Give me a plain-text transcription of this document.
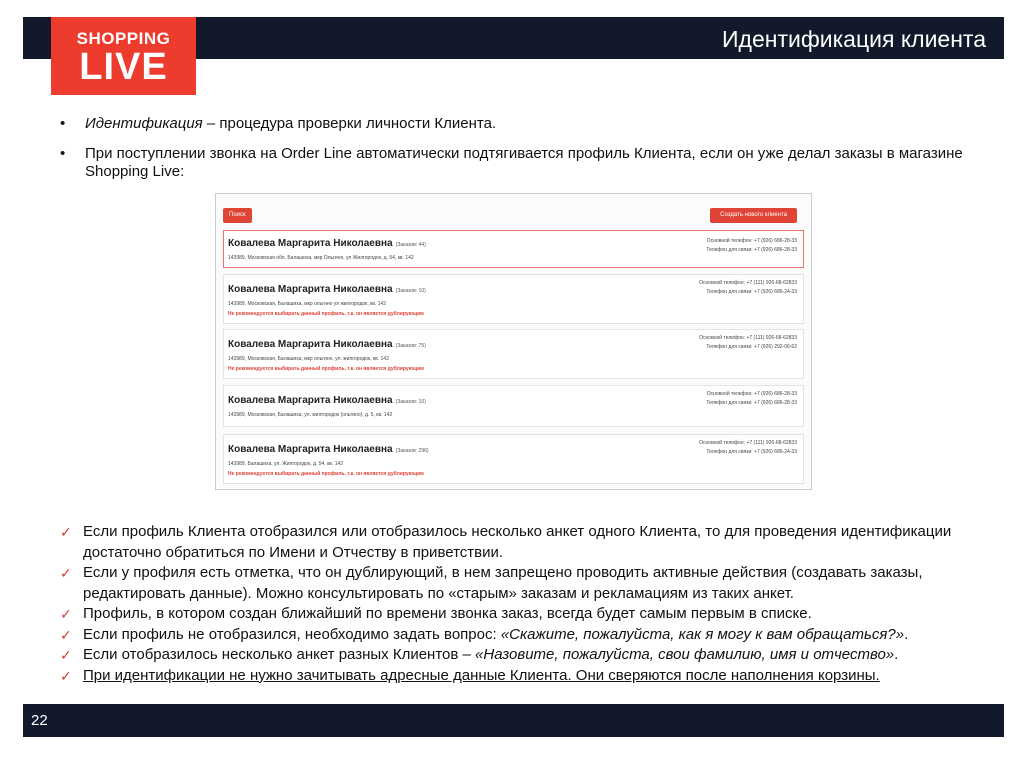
Идентификация клиента
SHOPPING
LIVE
• Идентификация – процедура проверки личности Клиента.
• При поступлении звонка на Order Line автоматически подтягивается профиль Клиента, если он уже делал заказы в магазине Shopping Live:
Поиск	Создать нового клиента
Ковалева Маргарита Николаевна (Заказов: 44)
143989, Московская обл, Балашиха, мкр Ольгино, ул Жилгородок, д. 54, кв. 142
Основной телефон: +7 (926) 686-28-33
Телефон для связи: +7 (926) 686-28-33
Ковалева Маргарита Николаевна (Заказов: 10)
143989, Московская, Балашиха, мкр ольгино ул жилгородок, кв. 142
Не рекомендуется выбирать данный профиль, т.к. он является дублирующим
Основной телефон: +7 (111) 926-68-62833
Телефон для связи: +7 (926) 686-24-33
Ковалева Маргарита Николаевна (Заказов: 75)
143989, Московская, Балашиха, мкр ольгино, ул. жилгородок, кв. 142
Не рекомендуется выбирать данный профиль, т.к. он является дублирующим
Основной телефон: +7 (111) 926-68-62833
Телефон для связи: +7 (926) 292-06-62
Ковалева Маргарита Николаевна (Заказов: 10)
143989, Московская, Балашиха, ул. жилгородок (ольгино), д. 5, кв. 142
Основной телефон: +7 (926) 686-28-33
Телефон для связи: +7 (926) 686-28-33
Ковалева Маргарита Николаевна (Заказов: 296)
143989, Балашиха, ул. Жилгородок, д. 54, кв. 142
Не рекомендуется выбирать данный профиль, т.к. он является дублирующим
Основной телефон: +7 (111) 926-68-62833
Телефон для связи: +7 (926) 686-24-33
✓ Если профиль Клиента отобразился или отобразилось несколько анкет одного Клиента, то для проведения идентификации достаточно обратиться по Имени и Отчеству в приветствии.
✓ Если у профиля есть отметка, что он дублирующий, в нем запрещено проводить активные действия (создавать заказы, редактировать данные). Можно консультировать по «старым» заказам и рекламациям из таких анкет.
✓ Профиль, в котором создан ближайший по времени звонка заказ, всегда будет самым первым в списке.
✓ Если профиль не отобразился, необходимо задать вопрос: «Скажите, пожалуйста, как я могу к вам обращаться?».
✓ Если отобразилось несколько анкет разных Клиентов – «Назовите, пожалуйста, свои фамилию, имя и отчество».
✓ При идентификации не нужно зачитывать адресные данные Клиента. Они сверяются после наполнения корзины.
22
